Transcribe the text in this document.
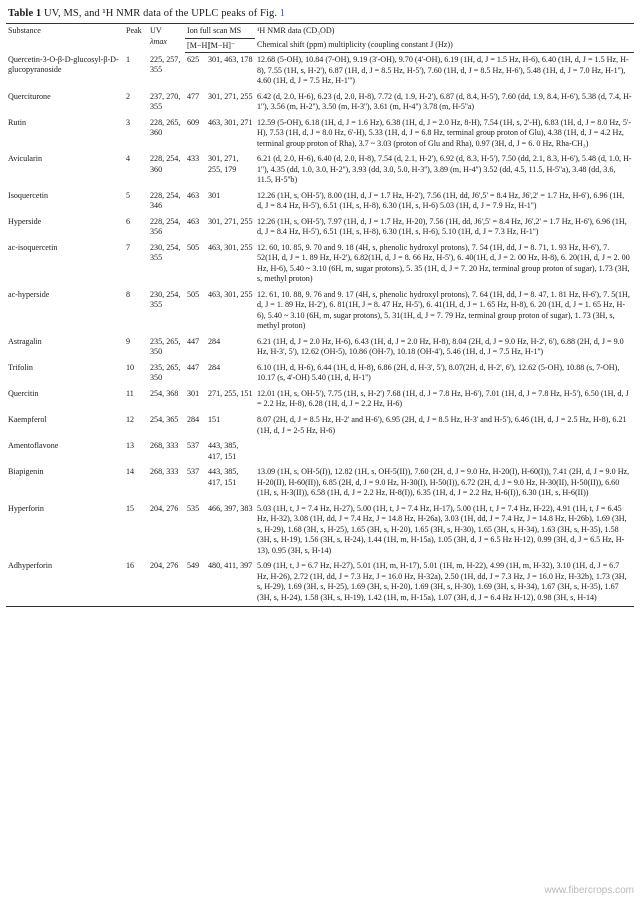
Table 1 UV, MS, and ¹H NMR data of the UPLC peaks of Fig. 1
Substance	Peak	UV
λmax	Ion full scan MS		¹H NMR data (CD₃OD)
			[M−H]⁻	[M−H]⁻	Chemical shift (ppm) multiplicity (coupling constant J (Hz))
Quercetin-3-O-β-D-glucosyl-β-D-glucopyranoside	1	225, 257, 355	625	301, 463, 178	12.68 (5-OH), 10.84 (7-OH), 9.19 (3'-OH), 9.70 (4'-OH), 6.19 (1H, d, J = 1.5 Hz, H-6), 6.40 (1H, d, J = 1.5 Hz, H-8), 7.55 (1H, s, H-2'), 6.87 (1H, d, J = 8.5 Hz, H-5'), 7.60 (1H, d, J = 8.5 Hz, H-6'), 5.48 (1H, d, J = 7.0 Hz, H-1''), 4.60 (1H, d, J = 7.5 Hz, H-1''')
Querciturone	2	237, 270, 355	477	301, 271, 255	6.42 (d, 2.0, H-6), 6.23 (d, 2.0, H-8), 7.72 (d, 1.9, H-2'), 6.87 (d, 8.4, H-5'), 7.60 (dd, 1.9, 8.4, H-6'), 5.38 (d, 7.4, H-1''), 3.56 (m, H-2''), 3.50 (m, H-3''), 3.61 (m, H-4'') 3.78 (m, H-5''a)
Rutin	3	228, 265, 360	609	463, 301, 271	12.59 (5-OH), 6.18 (1H, d, J = 1.6 Hz), 6.38 (1H, d, J = 2.0 Hz, 8-H), 7.54 (1H, s, 2'-H), 6.83 (1H, d, J = 8.0 Hz, 5'-H), 7.53 (1H, d, J = 8.0 Hz, 6'-H), 5.33 (1H, d, J = 6.8 Hz, terminal group proton of Glu), 4.38 (1H, d, J = 4.2 Hz, terminal group proton of Rha), 3.7 ~ 3.03 (proton of Glu and Rha), 0.97 (3H, d, J = 6. 0 Hz, Rha-CH₃)
Avicularin	4	228, 254, 360	433	301, 271, 255, 179	6.21 (d, 2.0, H-6), 6.40 (d, 2.0, H-8), 7.54 (d, 2.1, H-2'), 6.92 (d, 8.3, H-5'), 7.50 (dd, 2.1, 8.3, H-6'), 5.48 (d, 1.0, H-1''), 4.35 (dd, 1.0, 3.0, H-2''), 3.93 (dd, 3.0, 5.0, H-3''), 3.89 (m, H-4'') 3.52 (dd, 4.5, 11.5, H-5''a), 3.48 (dd, 3.6, 11.5, H-5''b)
Isoquercetin	5	228, 254, 346	463	301	12.26 (1H, s, OH-5'), 8.00 (1H, d, J = 1.7 Hz, H-2'), 7.56 (1H, dd, J6',5' = 8.4 Hz, J6',2' = 1.7 Hz, H-6'), 6.96 (1H, d, J = 8.4 Hz, H-5'), 6.51 (1H, s, H-8), 6.30 (1H, s, H-6) 5.03 (1H, d, J = 7.9 Hz, H-1'')
Hyperside	6	228, 254, 356	463	301, 271, 255	12.26 (1H, s, OH-5'), 7.97 (1H, d, J = 1.7 Hz, H-20), 7.56 (1H, dd, J6',5' = 8.4 Hz, J6',2' = 1.7 Hz, H-6'), 6.96 (1H, d, J = 8.4 Hz, H-5'), 6.51 (1H, s, H-8), 6.30 (1H, s, H-6), 5.10 (1H, d, J = 7.3 Hz, H-1'')
ac-isoquercetin	7	230, 254, 355	505	463, 301, 255	12. 60, 10. 85, 9. 70 and 9. 18 (4H, s, phenolic hydroxyl protons), 7. 54 (1H, dd, J = 8. 71, 1. 93 Hz, H-6'), 7. 52(1H, d, J = 1. 89 Hz, H-2'), 6.82(1H, d, J = 8. 66 Hz, H-5'), 6. 40(1H, d, J = 2. 00 Hz, H-8), 6. 20(1H, d, J = 2. 00 Hz, H-6), 5.40 ~ 3.10 (6H, m, sugar protons), 5. 35 (1H, d, J = 7. 20 Hz, terminal group proton of sugar), 1.73 (3H, s, methyl proton)
ac-hyperside	8	230, 254, 355	505	463, 301, 255	12. 61, 10. 88, 9. 76 and 9. 17 (4H, s, phenolic hydroxyl protons), 7. 64 (1H, dd, J = 8. 47, 1. 81 Hz, H-6'), 7. 5(1H, d, J = 1. 89 Hz, H-2'), 6. 81(1H, J = 8. 47 Hz, H-5'), 6. 41(1H, d, J = 1. 65 Hz, H-8), 6. 20 (1H, d, J = 1. 65 Hz, H-6), 5.40 ~ 3.10 (6H, m, sugar protons), 5. 31(1H, d, J = 7. 79 Hz, terminal group proton of sugar), 1. 73 (3H, s, methyl proton)
Astragalin	9	235, 265, 350	447	284	6.21 (1H, d, J = 2.0 Hz, H-6), 6.43 (1H, d, J = 2.0 Hz, H-8), 8.04 (2H, d, J = 9.0 Hz, H-2', 6'), 6.88 (2H, d, J = 9.0 Hz, H-3', 5'), 12.62 (OH-5), 10.86 (OH-7), 10.18 (OH-4'), 5.46 (1H, d, J = 7.5 Hz, H-1'')
Trifolin	10	235, 265, 350	447	284	6.10 (1H, d, H-6), 6.44 (1H, d, H-8), 6.86 (2H, d, H-3', 5'), 8.07(2H, d, H-2', 6'), 12.62 (5-OH), 10.88 (s, 7-OH), 10.17 (s, 4'-OH) 5.40 (1H, d, H-1'')
Quercitin	11	254, 368	301	271, 255, 151	12.01 (1H, s, OH-5'), 7.75 (1H, s, H-2') 7.68 (1H, d, J = 7.8 Hz, H-6'), 7.01 (1H, d, J = 7.8 Hz, H-5'), 6.50 (1H, d, J = 2.2 Hz, H-8), 6.28 (1H, d, J = 2.2 Hz, H-6)
Kaempferol	12	254, 365	284	151	8.07 (2H, d, J = 8.5 Hz, H-2' and H-6'), 6.95 (2H, d, J = 8.5 Hz, H-3' and H-5'), 6.46 (1H, d, J = 2.5 Hz, H-8), 6.21 (1H, d, J = 2-5 Hz, H-6)
Amentoflavone	13	268, 333	537	443, 385, 417, 151	
Biapigenin	14	268, 333	537	443, 385, 417, 151	13.09 (1H, s, OH-5(I)), 12.82 (1H, s, OH-5(II)), 7.60 (2H, d, J = 9.0 Hz, H-20(I), H-60(I)), 7.41 (2H, d, J = 9.0 Hz, H-20(II), H-60(II)), 6.85 (2H, d, J = 9.0 Hz, H-30(I), H-50(I)), 6.72 (2H, d, J = 9.0 Hz, H-30(II), H-50(II)), 6.60 (1H, s, H-3(II)), 6.58 (1H, d, J = 2.2 Hz, H-8(I)), 6.35 (1H, d, J = 2.2 Hz, H-6(I)), 6.30 (1H, s, H-6(II))
Hyperforin	15	204, 276	535	466, 397, 383	5.03 (1H, t, J = 7.4 Hz, H-27), 5.00 (1H, t, J = 7.4 Hz, H-17), 5.00 (1H, t, J = 7.4 Hz, H-22), 4.91 (1H, t, J = 6.45 Hz, H-32), 3.08 (1H, dd, J = 7.4 Hz, J = 14.8 Hz, H-26a), 3.03 (1H, dd, J = 7.4 Hz, J = 14.8 Hz, H-26b), 1.69 (3H, s, H-29), 1.68 (3H, s, H-25), 1.65 (3H, s, H-20), 1.65 (3H, s, H-30), 1.65 (3H, s, H-34), 1.63 (3H, s, H-35), 1.58 (3H, s, H-19), 1.56 (3H, s, H-24), 1.44 (1H, m, H-15a), 1.05 (3H, d, J = 6.5 Hz H-12), 0.99 (3H, d, J = 6.5 Hz, H-13), 0.95 (3H, s, H-14)
Adhyperforin	16	204, 276	549	480, 411, 397	5.09 (1H, t, J = 6.7 Hz, H-27), 5.01 (1H, m, H-17), 5.01 (1H, m, H-22), 4.99 (1H, m, H-32), 3.10 (1H, d, J = 6.7 Hz, H-26), 2.72 (1H, dd, J = 7.3 Hz, J = 16.0 Hz, H-32a), 2.50 (1H, dd, J = 7.3 Hz, J = 16.0 Hz, H-32b), 1.73 (3H, s, H-29), 1.69 (3H, s, H-25), 1.69 (3H, s, H-20), 1.69 (3H, s, H-30), 1.69 (3H, s, H-34), 1.67 (3H, s, H-35), 1.67 (3H, s, H-24), 1.58 (3H, s, H-19), 1.42 (1H, m, H-15a), 1.07 (3H, d, J = 6.4 Hz H-12), 0.98 (3H, s, H-14)
www.fibercrops.com
